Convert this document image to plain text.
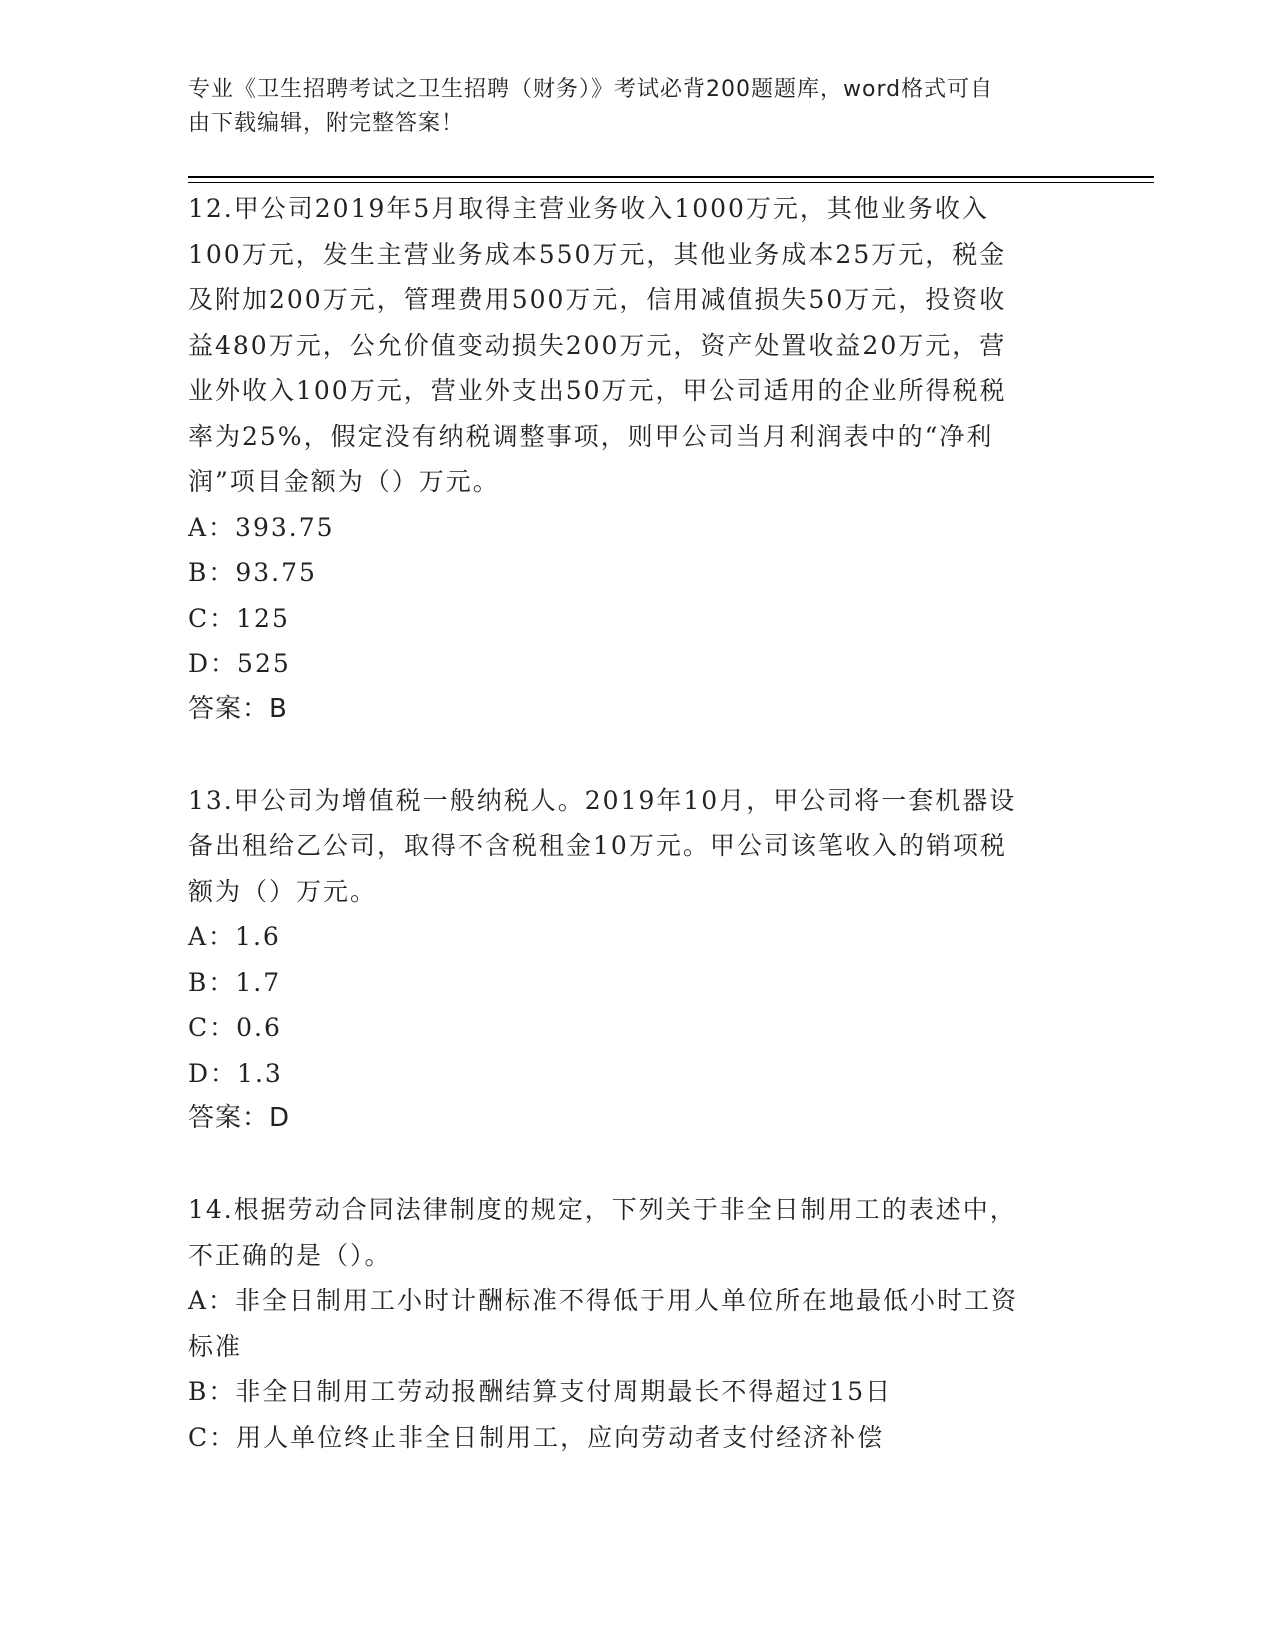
专业《卫生招聘考试之卫生招聘（财务）》考试必背200题题库，word格式可自
由下载编辑，附完整答案！

12.甲公司2019年5月取得主营业务收入1000万元，其他业务收入

100万元，发生主营业务成本550万元，其他业务成本25万元，税金

及附加200万元，管理费用500万元，信用减值损失50万元，投资收

益480万元，公允价值变动损失200万元，资产处置收益20万元，营

业外收入100万元，营业外支出50万元，甲公司适用的企业所得税税

率为25%，假定没有纳税调整事项，则甲公司当月利润表中的“净利

润”项目金额为（）万元。

A：393.75

B：93.75

C：125

D：525

答案：B

13.甲公司为增值税一般纳税人。2019年10月，甲公司将一套机器设

备出租给乙公司，取得不含税租金10万元。甲公司该笔收入的销项税

额为（）万元。

A：1.6

B：1.7

C：0.6

D：1.3

答案：D

14.根据劳动合同法律制度的规定，下列关于非全日制用工的表述中，

不正确的是（）。

A：非全日制用工小时计酬标准不得低于用人单位所在地最低小时工资

标准

B：非全日制用工劳动报酬结算支付周期最长不得超过15日

C：用人单位终止非全日制用工，应向劳动者支付经济补偿
